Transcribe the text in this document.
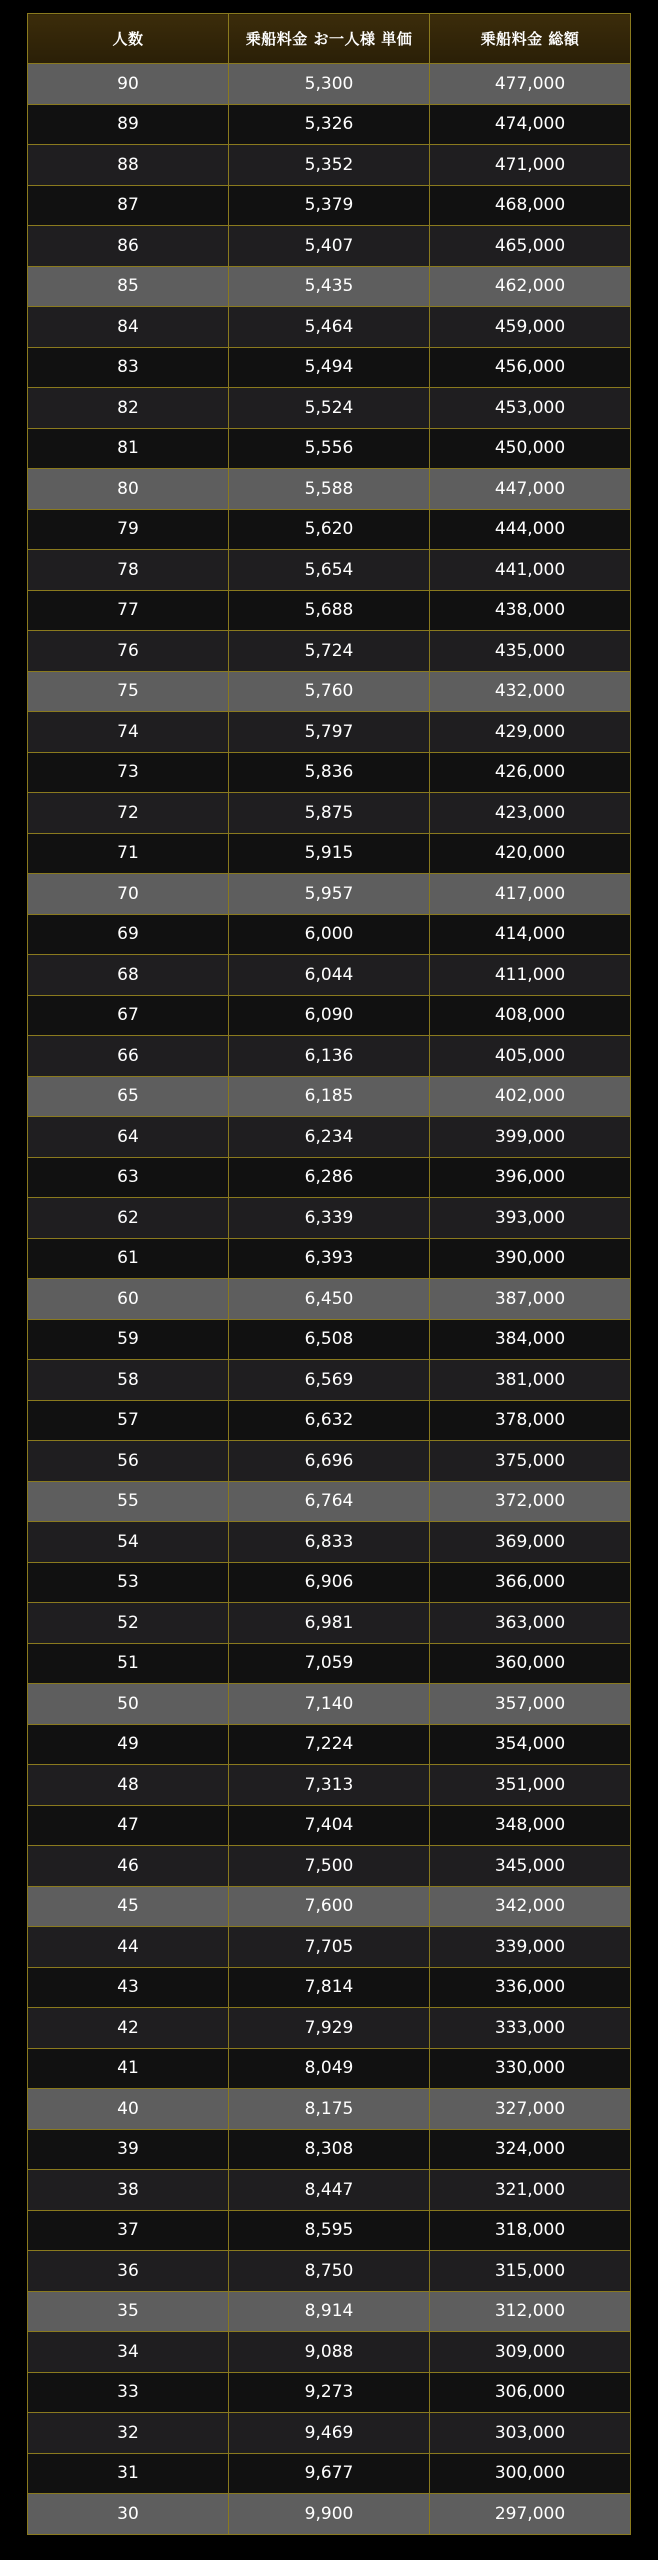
人数	乗船料金 お一人様 単価	乗船料金 総額
90	5,300	477,000
89	5,326	474,000
88	5,352	471,000
87	5,379	468,000
86	5,407	465,000
85	5,435	462,000
84	5,464	459,000
83	5,494	456,000
82	5,524	453,000
81	5,556	450,000
80	5,588	447,000
79	5,620	444,000
78	5,654	441,000
77	5,688	438,000
76	5,724	435,000
75	5,760	432,000
74	5,797	429,000
73	5,836	426,000
72	5,875	423,000
71	5,915	420,000
70	5,957	417,000
69	6,000	414,000
68	6,044	411,000
67	6,090	408,000
66	6,136	405,000
65	6,185	402,000
64	6,234	399,000
63	6,286	396,000
62	6,339	393,000
61	6,393	390,000
60	6,450	387,000
59	6,508	384,000
58	6,569	381,000
57	6,632	378,000
56	6,696	375,000
55	6,764	372,000
54	6,833	369,000
53	6,906	366,000
52	6,981	363,000
51	7,059	360,000
50	7,140	357,000
49	7,224	354,000
48	7,313	351,000
47	7,404	348,000
46	7,500	345,000
45	7,600	342,000
44	7,705	339,000
43	7,814	336,000
42	7,929	333,000
41	8,049	330,000
40	8,175	327,000
39	8,308	324,000
38	8,447	321,000
37	8,595	318,000
36	8,750	315,000
35	8,914	312,000
34	9,088	309,000
33	9,273	306,000
32	9,469	303,000
31	9,677	300,000
30	9,900	297,000
